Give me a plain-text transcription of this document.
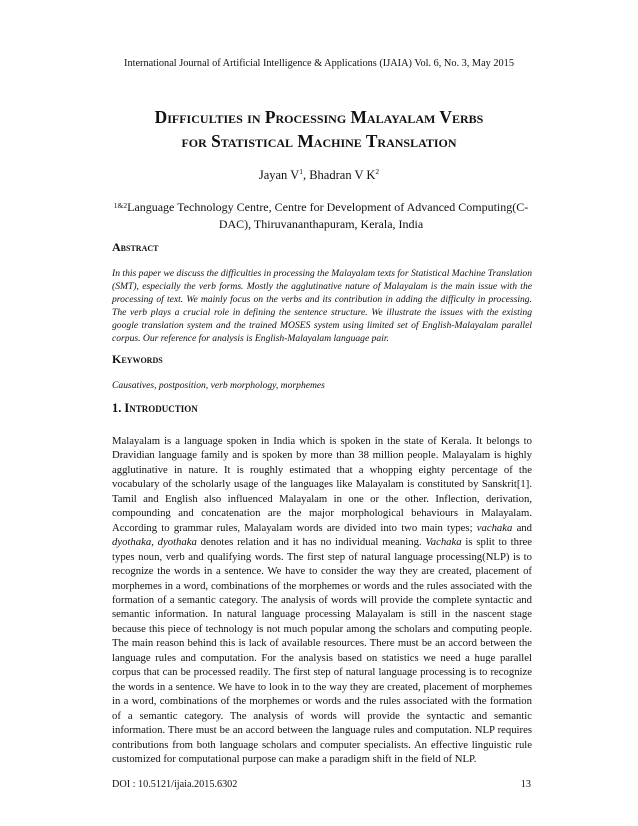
International Journal of Artificial Intelligence & Applications (IJAIA) Vol. 6, No. 3, May 2015
Difficulties in Processing Malayalam Verbs
for Statistical Machine Translation
Jayan $V^1$, Bhadran V $K^2$
$^{1\&2}$Language Technology Centre, Centre for Development of Advanced Computing(C-DAC), Thiruvananthapuram, Kerala, India
Abstract
In this paper we discuss the difficulties in processing the Malayalam texts for Statistical Machine Translation (SMT), especially the verb forms. Mostly the agglutinative nature of Malayalam is the main issue with the processing of text. We mainly focus on the verbs and its contribution in adding the difficulty in processing. The verb plays a crucial role in defining the sentence structure. We illustrate the issues with the existing google translation system and the trained MOSES system using limited set of English-Malayalam parallel corpus. Our reference for analysis is English-Malayalam language pair.
Keywords
Causatives, postposition, verb morphology, morphemes
1. Introduction
Malayalam is a language spoken in India which is spoken in the state of Kerala. It belongs to Dravidian language family and is spoken by more than 38 million people. Malayalam is highly agglutinative in nature. It is roughly estimated that a whopping eighty percentage of the vocabulary of the scholarly usage of the languages like Malayalam is constituted by Sanskrit[1]. Tamil and English also influenced Malayalam in one or the other. Inflection, derivation, compounding and concatenation are the major morphological behaviours in Malayalam. According to grammar rules, Malayalam words are divided into two main types; vachaka and dyothaka, dyothaka denotes relation and it has no individual meaning. Vachaka is split to three types noun, verb and qualifying words. The first step of natural language processing(NLP) is to recognize the words in a sentence. We have to consider the way they are created, placement of morphemes in a word, combinations of the morphemes or words and the rules associated with the formation of a semantic category. The analysis of words will provide the complete syntactic and semantic information. In natural language processing Malayalam is still in the nascent stage because this piece of technology is not much popular among the scholars and computing people. The main reason behind this is lack of available resources. There must be an accord between the language rules and computation. For the analysis based on statistics we need a huge parallel corpus that can be processed readily. The first step of natural language processing is to recognize the words in a sentence. We have to look in to the way they are created, placement of morphemes in a word, combinations of the morphemes or words and the rules associated with the formation of a semantic category. The analysis of words will provide the syntactic and semantic information. There must be an accord between the language rules and computation. NLP requires contributions from both language scholars and computer specialists. An effective linguistic rule customized for computational purpose can make a paradigm shift in the field of NLP.
DOI : 10.5121/ijaia.2015.6302	13
